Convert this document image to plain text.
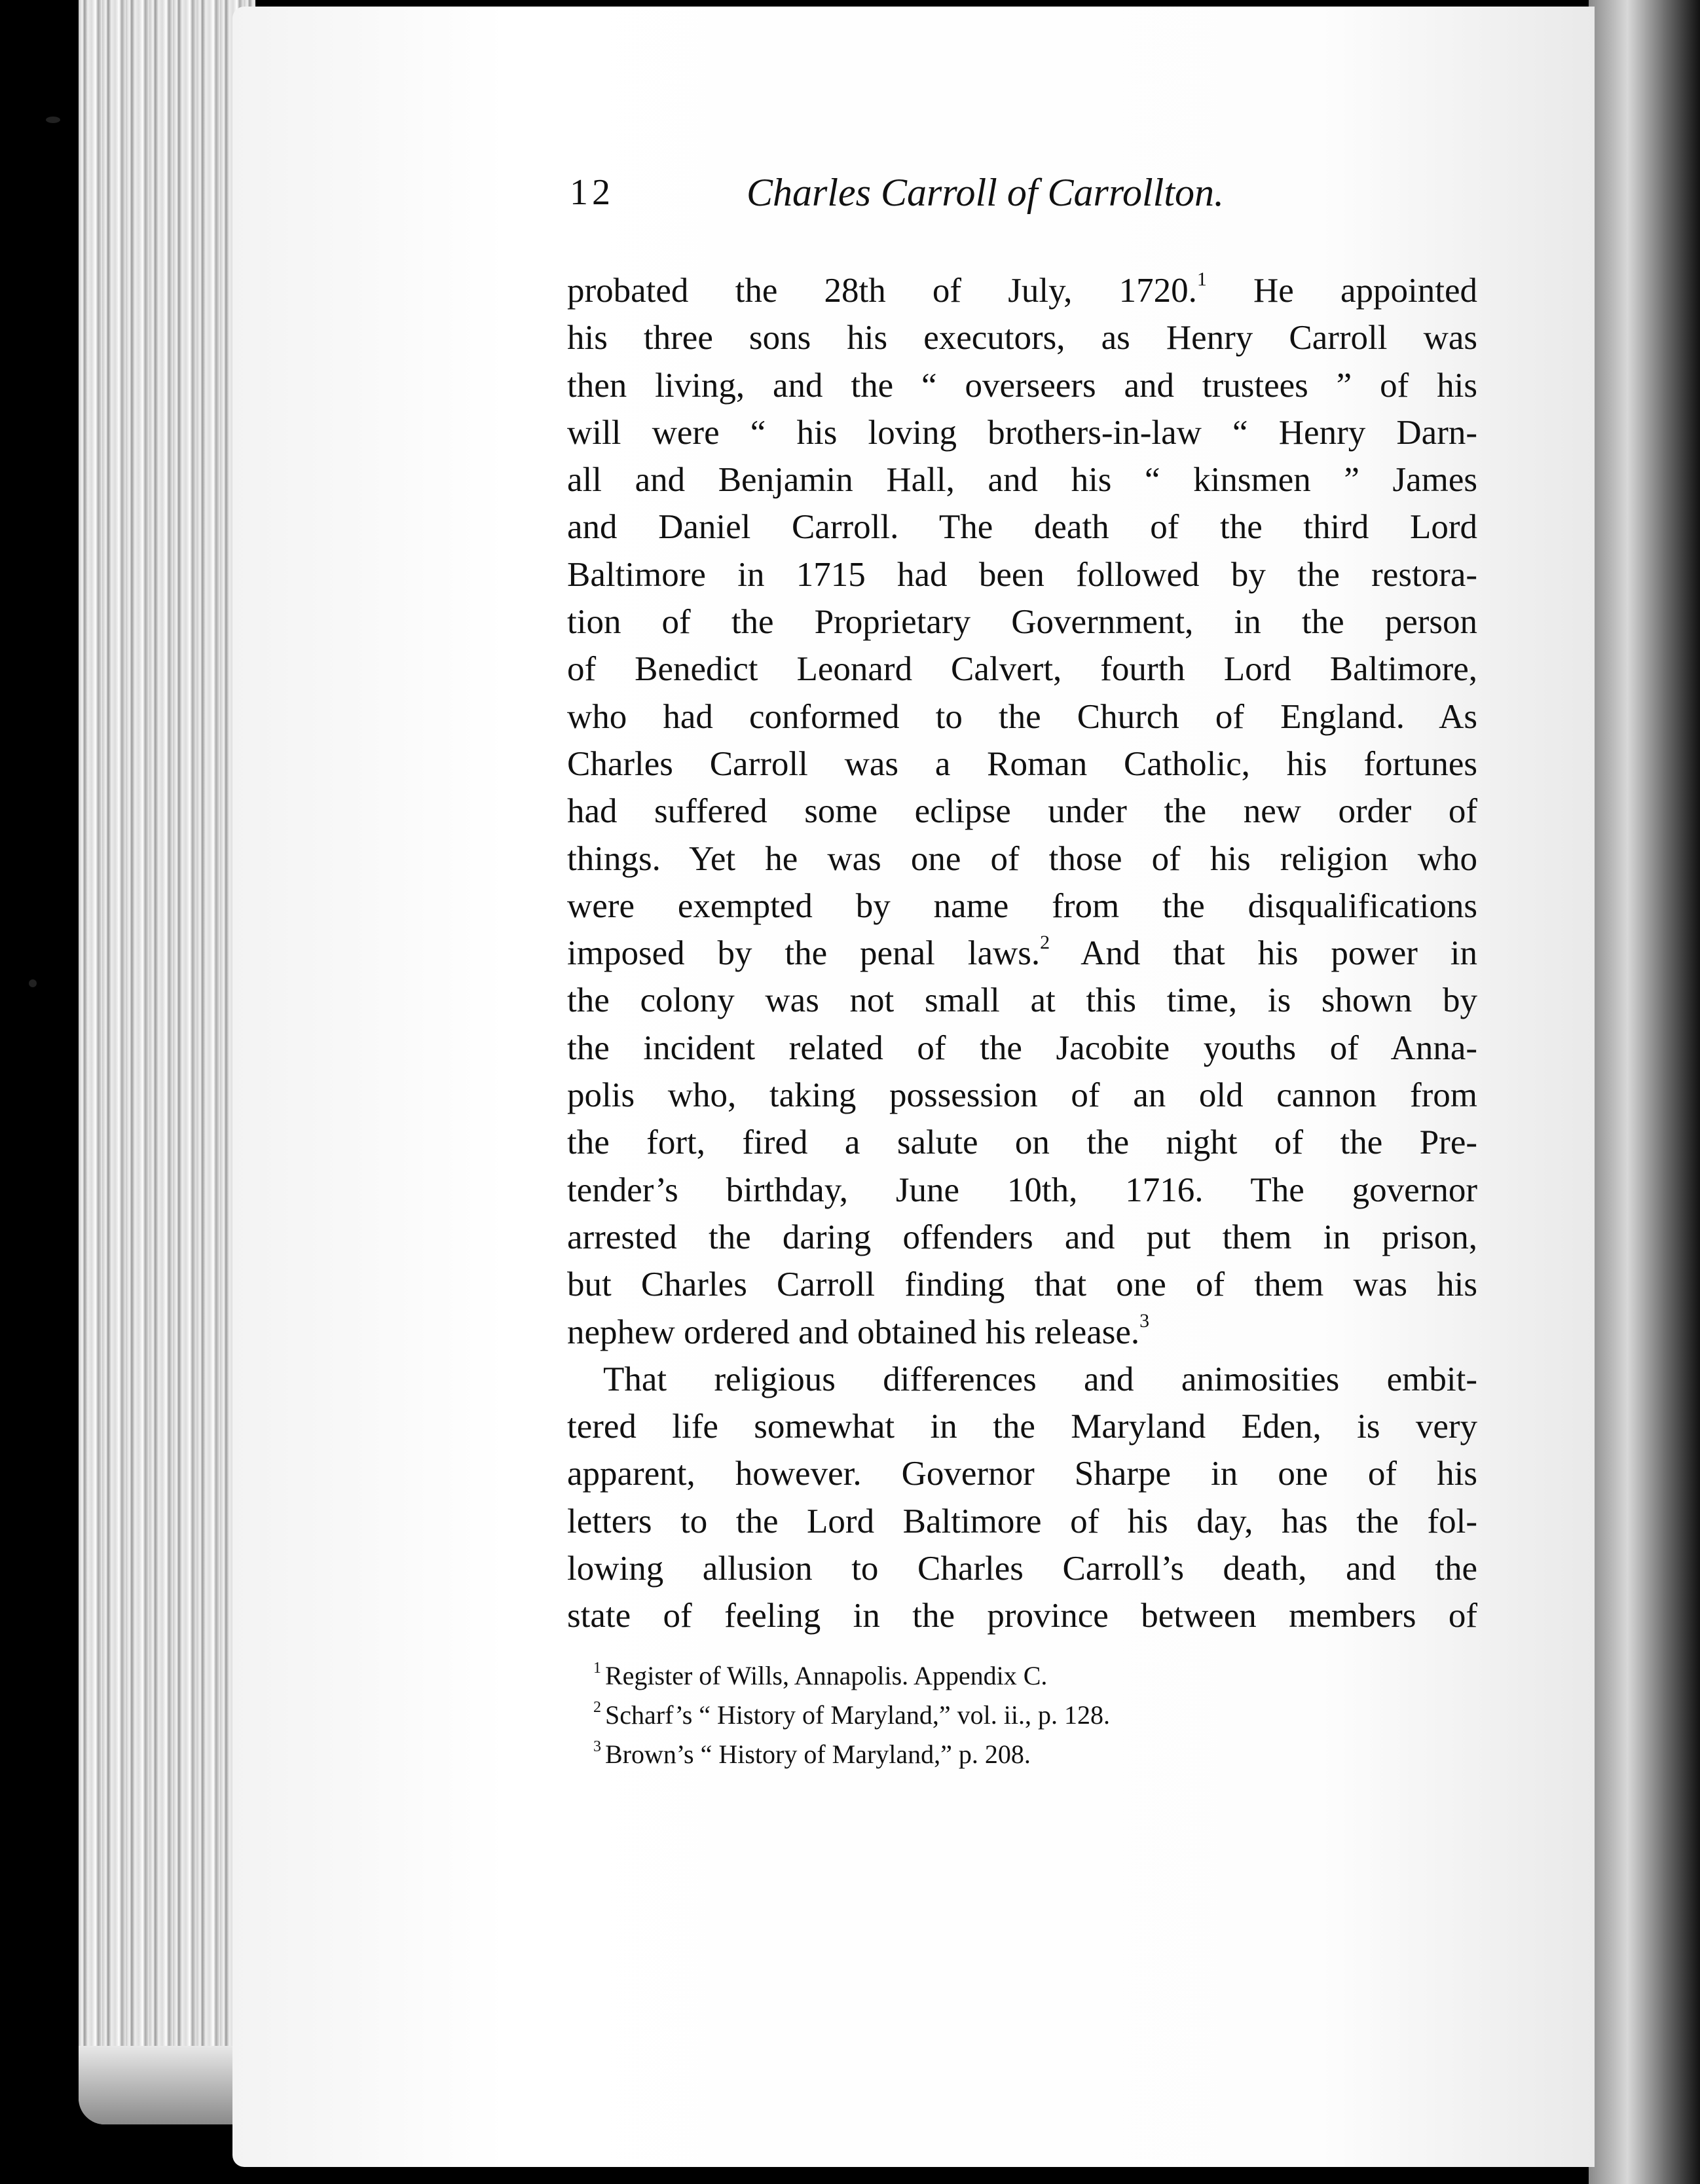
12	Charles Carroll of Carrollton.
probated the 28th of July, 1720.$^1$ He appointed
his three sons his executors, as Henry Carroll was
then living, and the “ overseers and trustees ” of his
will were “ his loving brothers-in-law “ Henry Darn-
all and Benjamin Hall, and his “ kinsmen ” James
and Daniel Carroll. The death of the third Lord
Baltimore in 1715 had been followed by the restora-
tion of the Proprietary Government, in the person
of Benedict Leonard Calvert, fourth Lord Baltimore,
who had conformed to the Church of England. As
Charles Carroll was a Roman Catholic, his fortunes
had suffered some eclipse under the new order of
things. Yet he was one of those of his religion who
were exempted by name from the disqualifications
imposed by the penal laws.$^2$ And that his power in
the colony was not small at this time, is shown by
the incident related of the Jacobite youths of Anna-
polis who, taking possession of an old cannon from
the fort, fired a salute on the night of the Pre-
tender’s birthday, June 10th, 1716. The governor
arrested the daring offenders and put them in prison,
but Charles Carroll finding that one of them was his
nephew ordered and obtained his release.$^3$
That religious differences and animosities embit-
tered life somewhat in the Maryland Eden, is very
apparent, however. Governor Sharpe in one of his
letters to the Lord Baltimore of his day, has the fol-
lowing allusion to Charles Carroll’s death, and the
state of feeling in the province between members of
$^1$ Register of Wills, Annapolis. Appendix C.
$^2$ Scharf’s “ History of Maryland,” vol. ii., p. 128.
$^3$ Brown’s “ History of Maryland,” p. 208.
